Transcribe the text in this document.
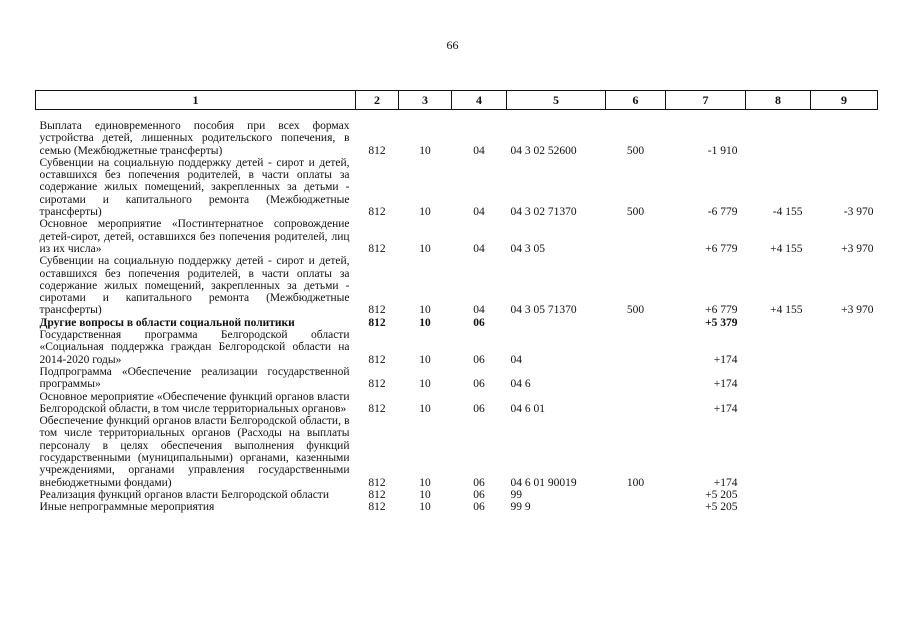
66
1	2	3	4	5	6	7	8	9

Выплата единовременного пособия при всех формах устройства детей, лишенных родительского попечения, в семью (Межбюджетные трансферты)	812	10	04	04 3 02 52600	500	-1 910		
Субвенции на социальную поддержку детей - сирот и детей, оставшихся без попечения родителей, в части оплаты за содержание жилых помещений, закрепленных за детьми - сиротами и капитального ремонта (Межбюджетные трансферты)	812	10	04	04 3 02 71370	500	-6 779	-4 155	-3 970
Основное мероприятие «Постинтернатное сопровождение детей-сирот, детей, оставшихся без попечения родителей, лиц из их числа»	812	10	04	04 3 05		+6 779	+4 155	+3 970
Субвенции на социальную поддержку детей - сирот и детей, оставшихся без попечения родителей, в части оплаты за содержание жилых помещений, закрепленных за детьми - сиротами и капитального ремонта (Межбюджетные трансферты)	812	10	04	04 3 05 71370	500	+6 779	+4 155	+3 970
Другие вопросы в области социальной политики	812	10	06			+5 379		
Государственная программа Белгородской области «Социальная поддержка граждан Белгородской области на 2014-2020 годы»	812	10	06	04		+174		
Подпрограмма «Обеспечение реализации государственной программы»	812	10	06	04 6		+174		
Основное мероприятие «Обеспечение функций органов власти Белгородской области, в том числе территориальных органов»	812	10	06	04 6 01		+174		
Обеспечение функций органов власти Белгородской области, в том числе территориальных органов (Расходы на выплаты персоналу в целях обеспечения выполнения функций государственными (муниципальными) органами, казенными учреждениями, органами управления государственными внебюджетными фондами)	812	10	06	04 6 01 90019	100	+174		
Реализация функций органов власти Белгородской области	812	10	06	99		+5 205		
Иные непрограммные мероприятия	812	10	06	99 9		+5 205		
